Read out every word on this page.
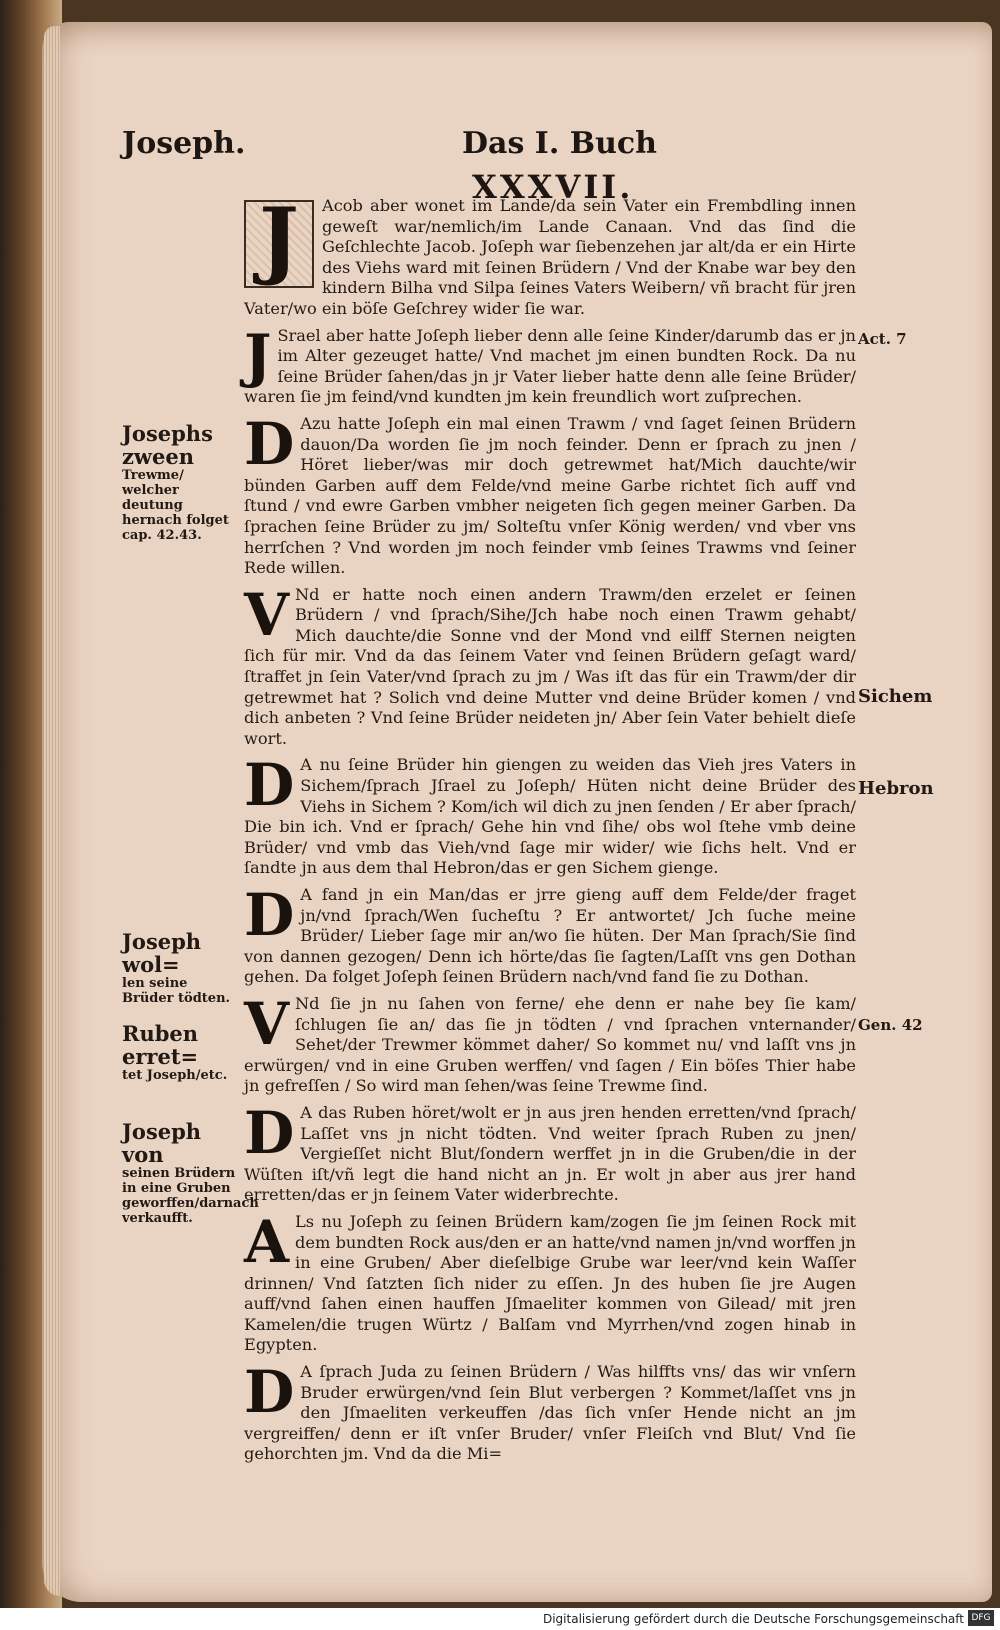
Joseph.	Das I. Buch
XXXVII.

J	Acob aber wonet im Lande/da sein Vater ein Frembdling innen geweſt war/nemlich/im Lande Canaan. Vnd das ſind die Geſchlechte Jacob. Joſeph war ſiebenzehen jar alt/da er ein Hirte des Viehs ward mit ſeinen Brüdern / Vnd der Knabe war bey den kindern Bilha vnd Silpa ſeines Vaters Weibern/ vñ bracht für jren Vater/wo ein böſe Geſchrey wider ſie war.

J Srael aber hatte Joſeph lieber denn alle ſeine Kinder/darumb das er jn im Alter gezeuget hatte/ Vnd machet jm einen bundten Rock. Da nu ſeine Brüder ſahen/das jn jr Vater lieber hatte denn alle ſeine Brüder/ waren ſie jm feind/vnd kundten jm kein freundlich wort zuſprechen.

D Azu hatte Joſeph ein mal einen Trawm / vnd ſaget ſeinen Brüdern dauon/Da worden ſie jm noch feinder. Denn er ſprach zu jnen / Höret lieber/was mir doch getrewmet hat/Mich dauchte/wir bünden Garben auff dem Felde/vnd meine Garbe richtet ſich auff vnd ſtund / vnd ewre Garben vmbher neigeten ſich gegen meiner Garben. Da ſprachen ſeine Brüder zu jm/ Solteſtu vnſer König werden/ vnd vber vns herrſchen ? Vnd worden jm noch feinder vmb ſeines Trawms vnd ſeiner Rede willen.

V Nd er hatte noch einen andern Trawm/den erzelet er ſeinen Brüdern / vnd ſprach/Sihe/Jch habe noch einen Trawm gehabt/ Mich dauchte/die Sonne vnd der Mond vnd eilff Sternen neigten ſich für mir. Vnd da das ſeinem Vater vnd ſeinen Brüdern geſagt ward/ſtraffet jn ſein Vater/vnd ſprach zu jm / Was iſt das für ein Trawm/der dir getrewmet hat ? Solich vnd deine Mutter vnd deine Brüder komen / vnd dich anbeten ? Vnd ſeine Brüder neideten jn/ Aber ſein Vater behielt dieſe wort.

D A nu ſeine Brüder hin giengen zu weiden das Vieh jres Vaters in Sichem/ſprach Jſrael zu Joſeph/ Hüten nicht deine Brüder des Viehs in Sichem ? Kom/ich wil dich zu jnen ſenden / Er aber ſprach/ Die bin ich. Vnd er ſprach/ Gehe hin vnd ſihe/ obs wol ſtehe vmb deine Brüder/ vnd vmb das Vieh/vnd ſage mir wider/ wie ſichs helt. Vnd er ſandte jn aus dem thal Hebron/das er gen Sichem gienge.

D A fand jn ein Man/das er jrre gieng auff dem Felde/der fraget jn/vnd ſprach/Wen ſucheſtu ? Er antwortet/ Jch ſuche meine Brüder/ Lieber ſage mir an/wo ſie hüten. Der Man ſprach/Sie ſind von dannen gezogen/ Denn ich hörte/das ſie ſagten/Laſſt vns gen Dothan gehen. Da folget Joſeph ſeinen Brüdern nach/vnd fand ſie zu Dothan.

V Nd ſie jn nu ſahen von ferne/ ehe denn er nahe bey ſie kam/ſchlugen ſie an/ das ſie jn tödten / vnd ſprachen vnternander/ Sehet/der Trewmer kömmet daher/ So kommet nu/ vnd laſſt vns jn erwürgen/ vnd in eine Gruben werffen/ vnd ſagen / Ein böſes Thier habe jn gefreſſen / So wird man ſehen/was ſeine Trewme ſind.

D A das Ruben höret/wolt er jn aus jren henden erretten/vnd ſprach/ Laſſet vns jn nicht tödten. Vnd weiter ſprach Ruben zu jnen/ Vergieſſet nicht Blut/ſondern werffet jn in die Gruben/die in der Wüſten iſt/vñ legt die hand nicht an jn. Er wolt jn aber aus jrer hand erretten/das er jn ſeinem Vater widerbrechte.

A Ls nu Joſeph zu ſeinen Brüdern kam/zogen ſie jm ſeinen Rock mit dem bundten Rock aus/den er an hatte/vnd namen jn/vnd worffen jn in eine Gruben/ Aber dieſelbige Grube war leer/vnd kein Waſſer drinnen/ Vnd ſatzten ſich nider zu eſſen. Jn des huben ſie jre Augen auff/vnd ſahen einen hauffen Jſmaeliter kommen von Gilead/ mit jren Kamelen/die trugen Würtz / Balſam vnd Myrrhen/vnd zogen hinab in Egypten.

D A ſprach Juda zu ſeinen Brüdern / Was hilffts vns/ das wir vnſern Bruder erwürgen/vnd ſein Blut verbergen ? Kommet/laſſet vns jn den Jſmaeliten verkeuffen /das ſich vnſer Hende nicht an jm vergreiffen/ denn er iſt vnſer Bruder/ vnſer Fleiſch vnd Blut/ Vnd ſie gehorchten jm. Vnd da die Mi=

Josephs zween
Trewme/ welcher deutung hernach folget cap. 42.43.
Joseph wol=
len seine Brüder tödten.
Ruben erret=
tet Joseph/etc.
Joseph von
seinen Brüdern in eine Gruben geworffen/darnach verkaufft.
Act. 7
Sichem
Hebron
Gen. 42
Digitalisierung gefördert durch die Deutsche Forschungsgemeinschaft DFG
